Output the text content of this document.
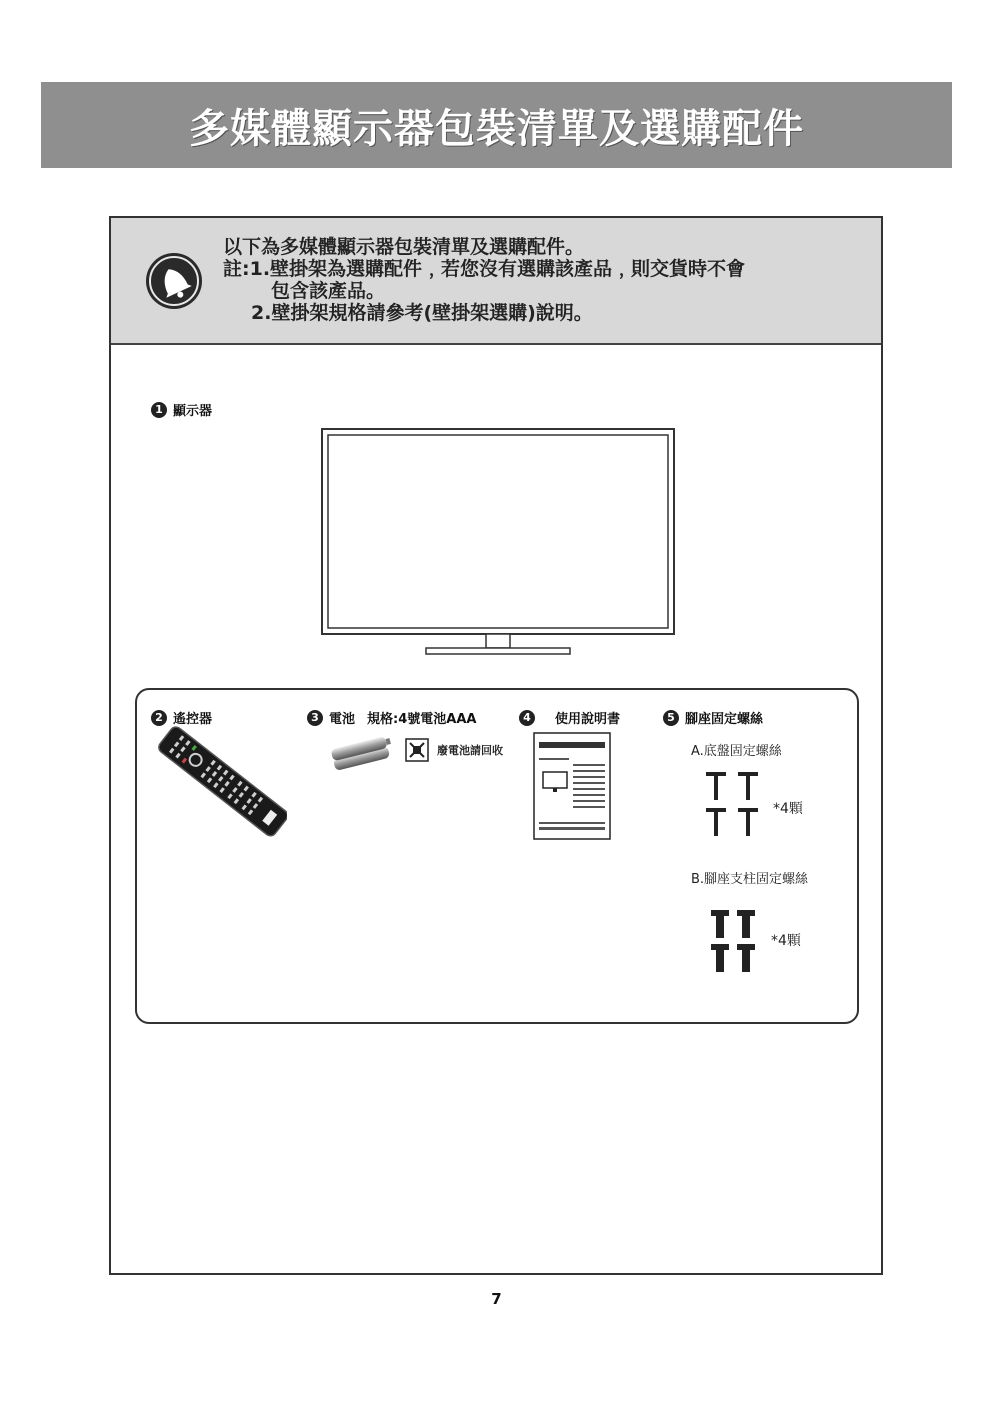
多媒體顯示器包裝清單及選購配件
以下為多媒體顯示器包裝清單及選購配件。
註:1.壁掛架為選購配件﹐若您沒有選購該產品﹐則交貨時不會
包含該產品。
2.壁掛架規格請參考(壁掛架選購)說明。
1 顯示器
2 遙控器	3 電池 規格:4號電池AAA
廢電池請回收
4 使用說明書	5 腳座固定螺絲
A.底盤固定螺絲
*4顆
B.腳座支柱固定螺絲
*4顆
7
